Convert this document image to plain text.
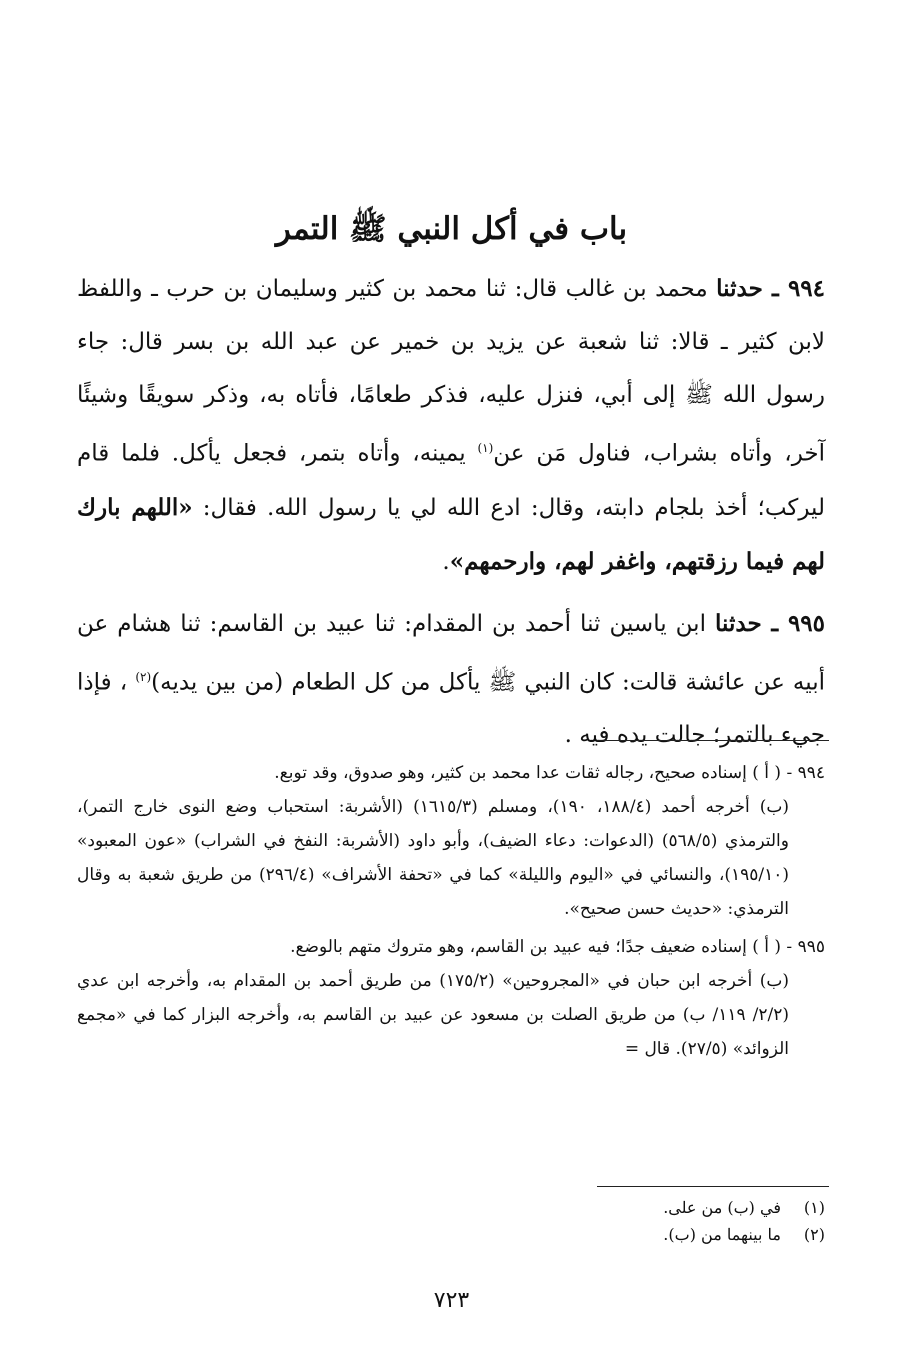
باب في أكل النبي ﷺ التمر

٩٩٤ ـ حدثنا محمد بن غالب قال: ثنا محمد بن كثير وسليمان بن حرب ـ واللفظ لابن كثير ـ قالا: ثنا شعبة عن يزيد بن خمير عن عبد الله بن بسر قال: جاء رسول الله ﷺ إلى أبي، فنزل عليه، فذكر طعامًا، فأتاه به، وذكر سويقًا وشيئًا آخر، وأتاه بشراب، فناول مَن عن$^{(١)}$ يمينه، وأتاه بتمر، فجعل يأكل. فلما قام ليركب؛ أخذ بلجام دابته، وقال: ادع الله لي يا رسول الله. فقال: «اللهم بارك لهم فيما رزقتهم، واغفر لهم، وارحمهم».

٩٩٥ ـ حدثنا ابن ياسين ثنا أحمد بن المقدام: ثنا عبيد بن القاسم: ثنا هشام عن أبيه عن عائشة قالت: كان النبي ﷺ يأكل من كل الطعام (من بين يديه)$^{(٢)}$ ، فإذا جيء بالتمر؛ جالت يده فيه .

٩٩٤ - ( أ ) إسناده صحيح، رجاله ثقات عدا محمد بن كثير، وهو صدوق، وقد توبع.
(ب) أخرجه أحمد (١٨٨/٤، ١٩٠)، ومسلم (١٦١٥/٣) (الأشربة: استحباب وضع النوى خارج التمر)، والترمذي (٥٦٨/٥) (الدعوات: دعاء الضيف)، وأبو داود (الأشربة: النفخ في الشراب) «عون المعبود» (١٩٥/١٠)، والنسائي في «اليوم والليلة» كما في «تحفة الأشراف» (٢٩٦/٤) من طريق شعبة به وقال الترمذي: «حديث حسن صحيح».
٩٩٥ - ( أ ) إسناده ضعيف جدًا؛ فيه عبيد بن القاسم، وهو متروك متهم بالوضع.
(ب) أخرجه ابن حبان في «المجروحين» (١٧٥/٢) من طريق أحمد بن المقدام به، وأخرجه ابن عدي (٢/٢/ ١١٩/ ب) من طريق الصلت بن مسعود عن عبيد بن القاسم به، وأخرجه البزار كما في «مجمع الزوائد» (٢٧/٥). قال =
(١)في (ب) من على.
(٢)ما بينهما من (ب).
٧٢٣
